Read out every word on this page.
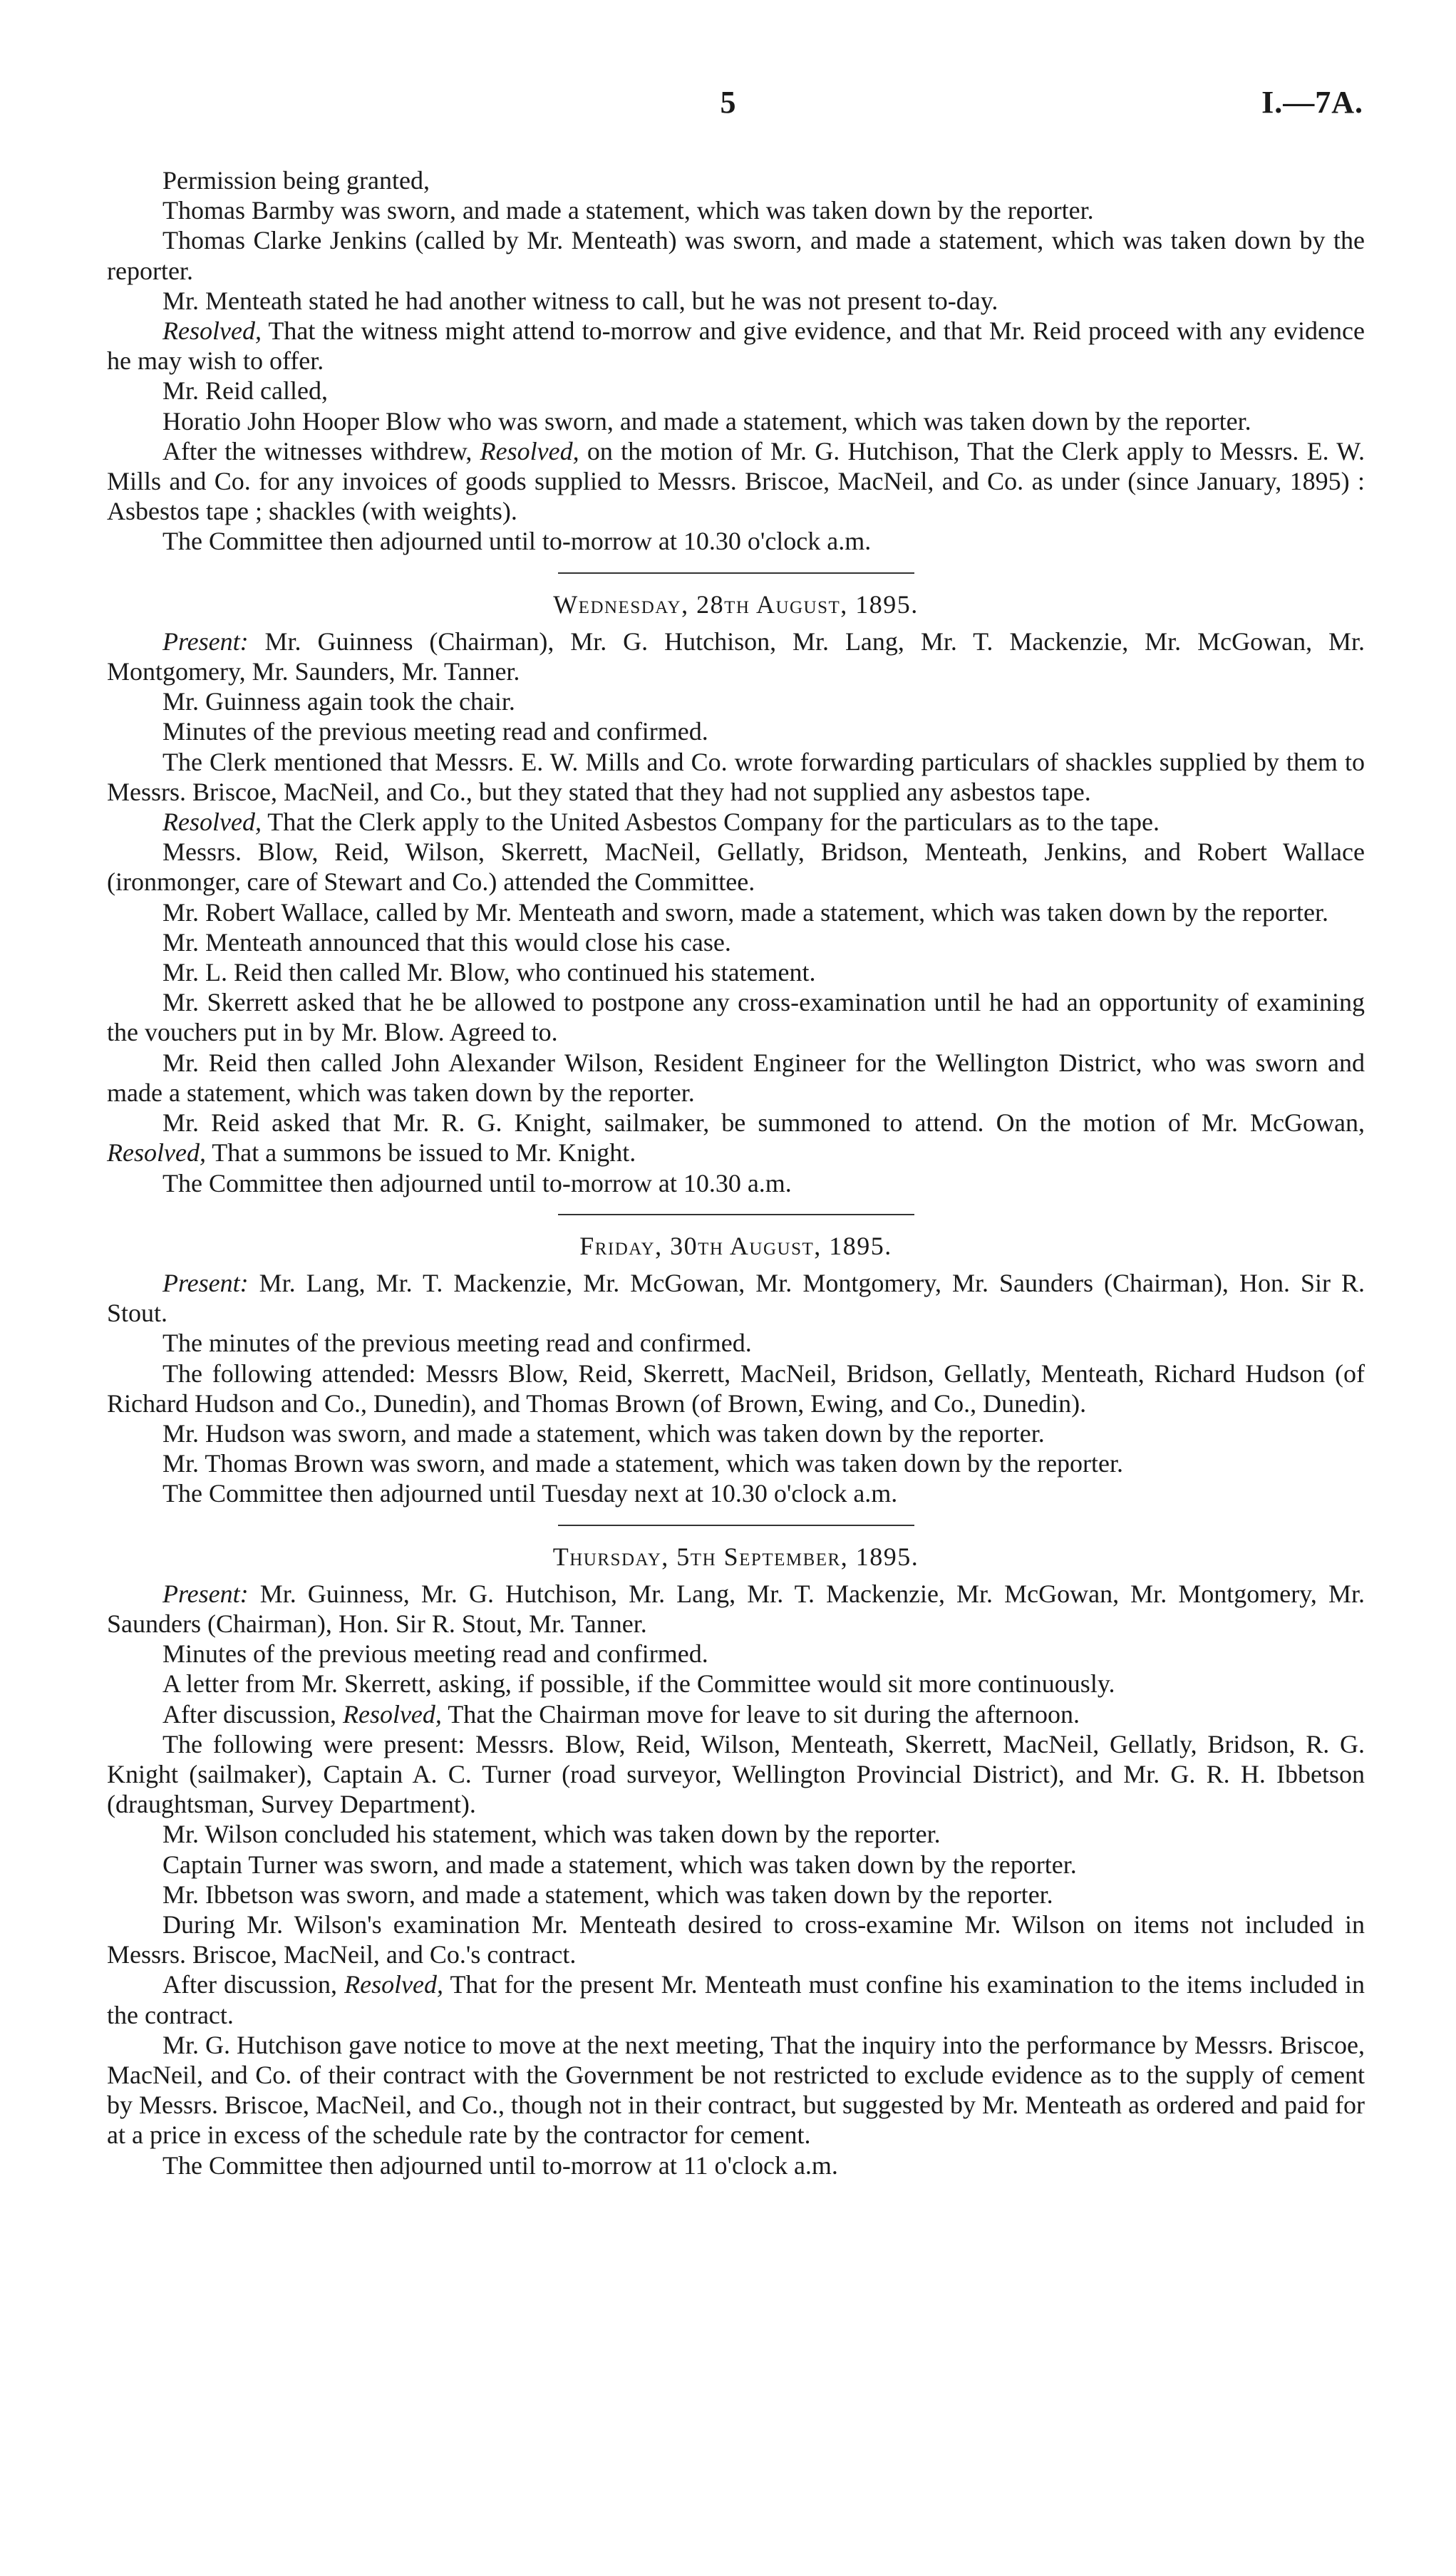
5	I.—7A.

Permission being granted,

Thomas Barmby was sworn, and made a statement, which was taken down by the reporter.

Thomas Clarke Jenkins (called by Mr. Menteath) was sworn, and made a statement, which was taken down by the reporter.

Mr. Menteath stated he had another witness to call, but he was not present to-day.

Resolved, That the witness might attend to-morrow and give evidence, and that Mr. Reid proceed with any evidence he may wish to offer.

Mr. Reid called,

Horatio John Hooper Blow who was sworn, and made a statement, which was taken down by the reporter.

After the witnesses withdrew, Resolved, on the motion of Mr. G. Hutchison, That the Clerk apply to Messrs. E. W. Mills and Co. for any invoices of goods supplied to Messrs. Briscoe, MacNeil, and Co. as under (since January, 1895) : Asbestos tape ; shackles (with weights).

The Committee then adjourned until to-morrow at 10.30 o'clock a.m.

Wednesday, 28th August, 1895.

Present: Mr. Guinness (Chairman), Mr. G. Hutchison, Mr. Lang, Mr. T. Mackenzie, Mr. McGowan, Mr. Montgomery, Mr. Saunders, Mr. Tanner.

Mr. Guinness again took the chair.

Minutes of the previous meeting read and confirmed.

The Clerk mentioned that Messrs. E. W. Mills and Co. wrote forwarding particulars of shackles supplied by them to Messrs. Briscoe, MacNeil, and Co., but they stated that they had not supplied any asbestos tape.

Resolved, That the Clerk apply to the United Asbestos Company for the particulars as to the tape.

Messrs. Blow, Reid, Wilson, Skerrett, MacNeil, Gellatly, Bridson, Menteath, Jenkins, and Robert Wallace (ironmonger, care of Stewart and Co.) attended the Committee.

Mr. Robert Wallace, called by Mr. Menteath and sworn, made a statement, which was taken down by the reporter.

Mr. Menteath announced that this would close his case.

Mr. L. Reid then called Mr. Blow, who continued his statement.

Mr. Skerrett asked that he be allowed to postpone any cross-examination until he had an opportunity of examining the vouchers put in by Mr. Blow. Agreed to.

Mr. Reid then called John Alexander Wilson, Resident Engineer for the Wellington District, who was sworn and made a statement, which was taken down by the reporter.

Mr. Reid asked that Mr. R. G. Knight, sailmaker, be summoned to attend. On the motion of Mr. McGowan, Resolved, That a summons be issued to Mr. Knight.

The Committee then adjourned until to-morrow at 10.30 a.m.

Friday, 30th August, 1895.

Present: Mr. Lang, Mr. T. Mackenzie, Mr. McGowan, Mr. Montgomery, Mr. Saunders (Chairman), Hon. Sir R. Stout.

The minutes of the previous meeting read and confirmed.

The following attended: Messrs Blow, Reid, Skerrett, MacNeil, Bridson, Gellatly, Menteath, Richard Hudson (of Richard Hudson and Co., Dunedin), and Thomas Brown (of Brown, Ewing, and Co., Dunedin).

Mr. Hudson was sworn, and made a statement, which was taken down by the reporter.

Mr. Thomas Brown was sworn, and made a statement, which was taken down by the reporter.

The Committee then adjourned until Tuesday next at 10.30 o'clock a.m.

Thursday, 5th September, 1895.

Present: Mr. Guinness, Mr. G. Hutchison, Mr. Lang, Mr. T. Mackenzie, Mr. McGowan, Mr. Montgomery, Mr. Saunders (Chairman), Hon. Sir R. Stout, Mr. Tanner.

Minutes of the previous meeting read and confirmed.

A letter from Mr. Skerrett, asking, if possible, if the Committee would sit more continuously.

After discussion, Resolved, That the Chairman move for leave to sit during the afternoon.

The following were present: Messrs. Blow, Reid, Wilson, Menteath, Skerrett, MacNeil, Gellatly, Bridson, R. G. Knight (sailmaker), Captain A. C. Turner (road surveyor, Wellington Provincial District), and Mr. G. R. H. Ibbetson (draughtsman, Survey Department).

Mr. Wilson concluded his statement, which was taken down by the reporter.

Captain Turner was sworn, and made a statement, which was taken down by the reporter.

Mr. Ibbetson was sworn, and made a statement, which was taken down by the reporter.

During Mr. Wilson's examination Mr. Menteath desired to cross-examine Mr. Wilson on items not included in Messrs. Briscoe, MacNeil, and Co.'s contract.

After discussion, Resolved, That for the present Mr. Menteath must confine his examination to the items included in the contract.

Mr. G. Hutchison gave notice to move at the next meeting, That the inquiry into the performance by Messrs. Briscoe, MacNeil, and Co. of their contract with the Government be not restricted to exclude evidence as to the supply of cement by Messrs. Briscoe, MacNeil, and Co., though not in their contract, but suggested by Mr. Menteath as ordered and paid for at a price in excess of the schedule rate by the contractor for cement.

The Committee then adjourned until to-morrow at 11 o'clock a.m.
